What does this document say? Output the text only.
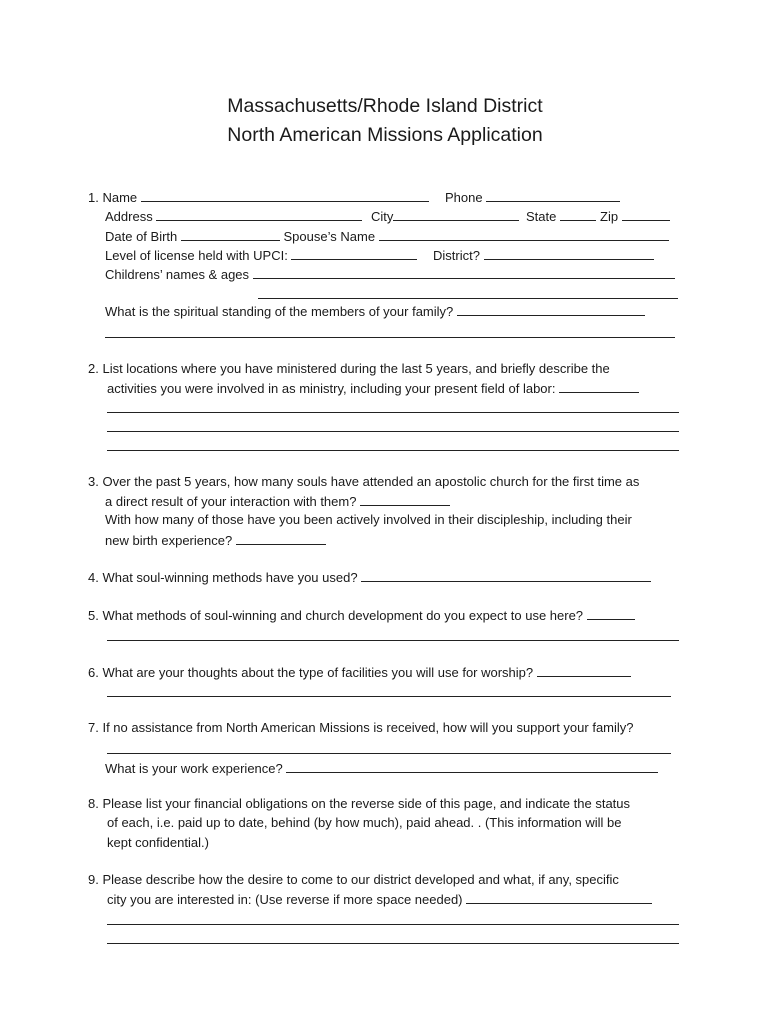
Massachusetts/Rhode Island District
North American Missions Application
1. Name	Phone
Address	City	State	Zip
Date of Birth	Spouse’s Name
Level of license held with UPCI:	District?
Childrens’ names & ages
What is the spiritual standing of the members of your family?
2. List locations where you have ministered during the last 5 years, and briefly describe the
activities you were involved in as ministry, including your present field of labor:
3. Over the past 5 years, how many souls have attended an apostolic church for the first time as
a direct result of your interaction with them?
With how many of those have you been actively involved in their discipleship, including their
new birth experience?
4. What soul-winning methods have you used?
5. What methods of soul-winning and church development do you expect to use here?
6. What are your thoughts about the type of facilities you will use for worship?
7. If no assistance from North American Missions is received, how will you support your family?
What is your work experience?
8. Please list your financial obligations on the reverse side of this page, and indicate the status
of each, i.e. paid up to date, behind (by how much), paid ahead. . (This information will be
kept confidential.)
9. Please describe how the desire to come to our district developed and what, if any, specific
city you are interested in: (Use reverse if more space needed)
